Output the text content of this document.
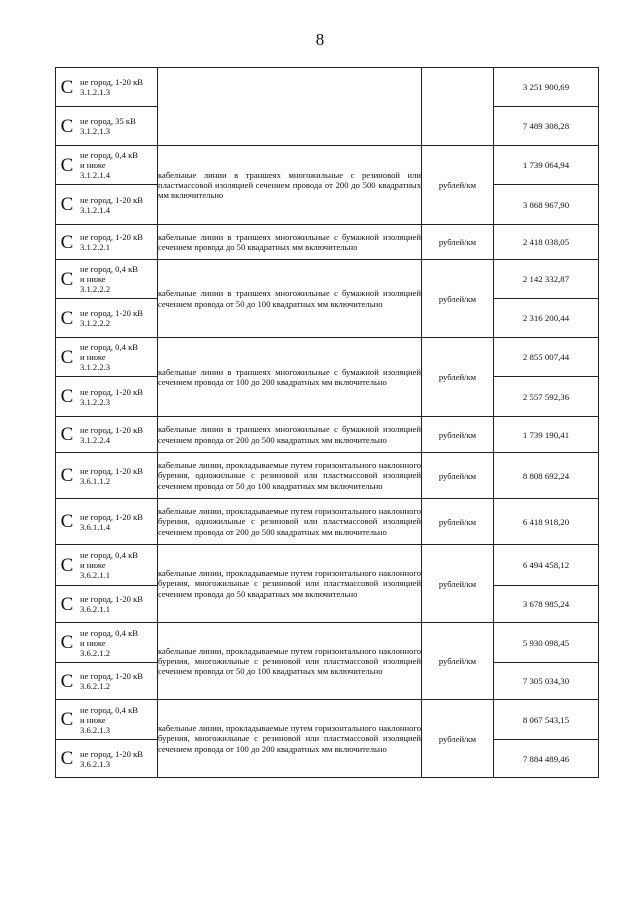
8
С не город, 1-20 кВ
3.1.2.1.3			3 251 900,69

С не город, 35 кВ
3.1.2.1.3			7 489 308,28

С не город, 0,4 кВ
и ниже
3.1.2.1.4	кабельные линии в траншеях многожильные с резиновой или пластмассовой изоляцией сечением провода от 200 до 500 квадратных мм включительно	рублей/км	1 739 064,94

С не город, 1-20 кВ
3.1.2.1.4			3 868 967,90

С не город, 1-20 кВ
3.1.2.2.1	кабельные линии в траншеях многожильные с бумажной изоляцией сечением провода до 50 квадратных мм включительно	рублей/км	2 418 038,05

С не город, 0,4 кВ
и ниже
3.1.2.2.2	кабельные линии в траншеях многожильные с бумажной изоляцией сечением провода от 50 до 100 квадратных мм включительно	рублей/км	2 142 332,87

С не город, 1-20 кВ
3.1.2.2.2			2 316 200,44

С не город, 0,4 кВ
и ниже
3.1.2.2.3	кабельные линии в траншеях многожильные с бумажной изоляцией сечением провода от 100 до 200 квадратных мм включительно	рублей/км	2 855 007,44

С не город, 1-20 кВ
3.1.2.2.3			2 557 592,36

С не город, 1-20 кВ
3.1.2.2.4	кабельные линии в траншеях многожильные с бумажной изоляцией сечением провода от 200 до 500 квадратных мм включительно	рублей/км	1 739 190,41

С не город, 1-20 кВ
3.6.1.1.2	кабельные линии, прокладываемые путем горизонтального наклонного бурения, одножильные с резиновой или пластмассовой изоляцией сечением провода от 50 до 100 квадратных мм включительно	рублей/км	8 808 692,24

С не город, 1-20 кВ
3.6.1.1.4	кабельные линии, прокладываемые путем горизонтального наклонного бурения, одножильные с резиновой или пластмассовой изоляцией сечением провода от 200 до 500 квадратных мм включительно	рублей/км	6 418 918,20

С не город, 0,4 кВ
и ниже
3.6.2.1.1	кабельные линии, прокладываемые путем горизонтального наклонного бурения, многожильные с резиновой или пластмассовой изоляцией сечением провода до 50 квадратных мм включительно	рублей/км	6 494 458,12

С не город, 1-20 кВ
3.6.2.1.1			3 678 985,24

С не город, 0,4 кВ
и ниже
3.6.2.1.2	кабельные линии, прокладываемые путем горизонтального наклонного бурения, многожильные с резиновой или пластмассовой изоляцией сечением провода от 50 до 100 квадратных мм включительно	рублей/км	5 930 098,45

С не город, 1-20 кВ
3.6.2.1.2			7 305 034,30

С не город, 0,4 кВ
и ниже
3.6.2.1.3	кабельные линии, прокладываемые путем горизонтального наклонного бурения, многожильные с резиновой или пластмассовой изоляцией сечением провода от 100 до 200 квадратных мм включительно	рублей/км	8 067 543,15

С не город, 1-20 кВ
3.6.2.1.3			7 884 489,46
